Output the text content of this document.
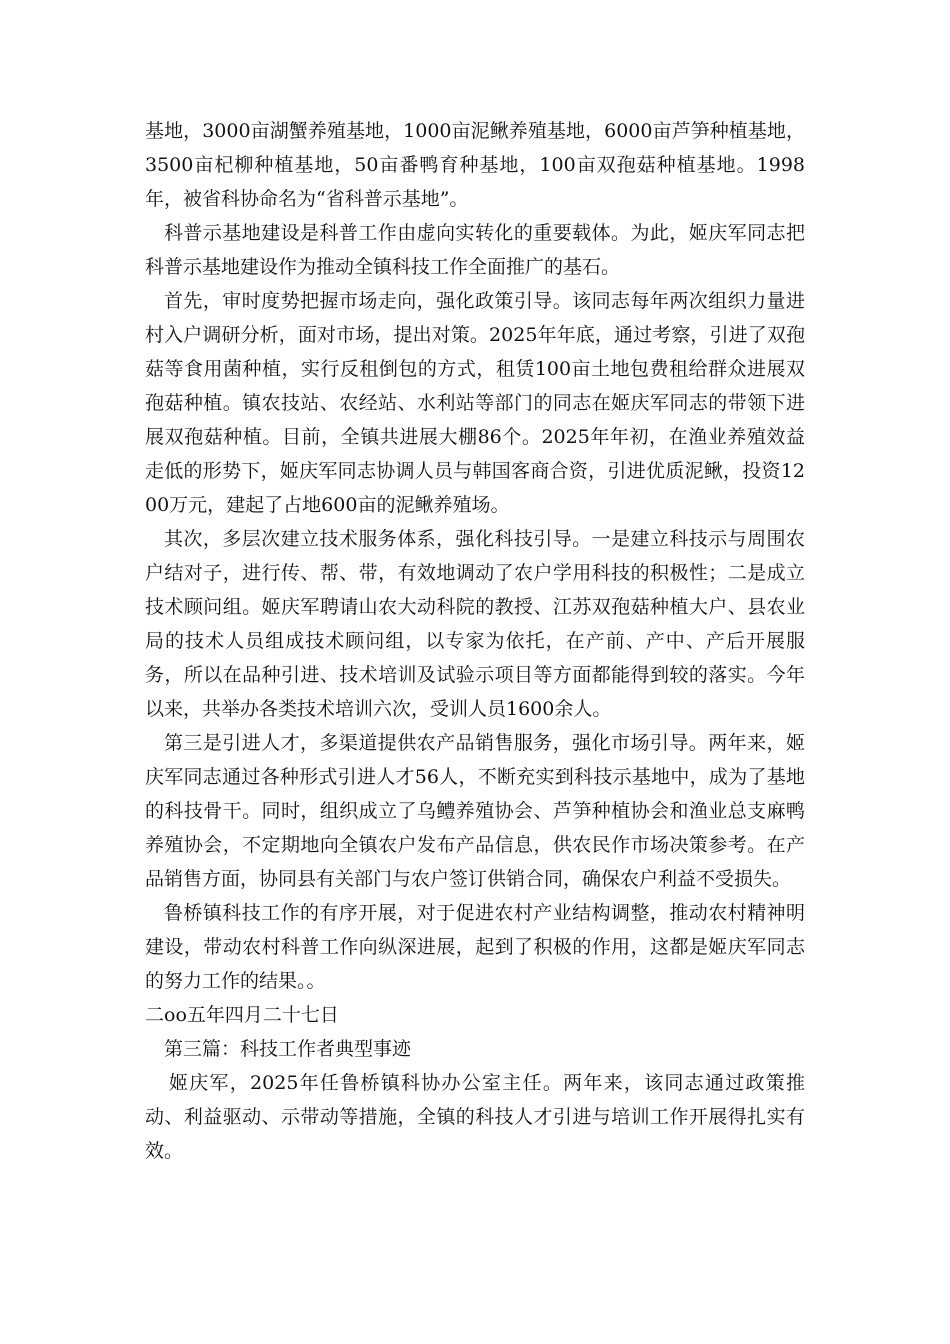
基地，3000亩湖蟹养殖基地，1000亩泥鳅养殖基地，6000亩芦笋种植基地，3500亩杞柳种植基地，50亩番鸭育种基地，100亩双孢菇种植基地。1998年，被省科协命名为“省科普示基地”。

科普示基地建设是科普工作由虚向实转化的重要载体。为此，姬庆军同志把科普示基地建设作为推动全镇科技工作全面推广的基石。

首先，审时度势把握市场走向，强化政策引导。该同志每年两次组织力量进村入户调研分析，面对市场，提出对策。2025年年底，通过考察，引进了双孢菇等食用菌种植，实行反租倒包的方式，租赁100亩土地包费租给群众进展双孢菇种植。镇农技站、农经站、水利站等部门的同志在姬庆军同志的带领下进展双孢菇种植。目前，全镇共进展大棚86个。2025年年初，在渔业养殖效益走低的形势下，姬庆军同志协调人员与韩国客商合资，引进优质泥鳅，投资1200万元，建起了占地600亩的泥鳅养殖场。

其次，多层次建立技术服务体系，强化科技引导。一是建立科技示与周围农户结对子，进行传、帮、带，有效地调动了农户学用科技的积极性；二是成立技术顾问组。姬庆军聘请山农大动科院的教授、江苏双孢菇种植大户、县农业局的技术人员组成技术顾问组，以专家为依托，在产前、产中、产后开展服务，所以在品种引进、技术培训及试验示项目等方面都能得到较的落实。今年以来，共举办各类技术培训六次，受训人员1600余人。

第三是引进人才，多渠道提供农产品销售服务，强化市场引导。两年来，姬庆军同志通过各种形式引进人才56人，不断充实到科技示基地中，成为了基地的科技骨干。同时，组织成立了乌鳢养殖协会、芦笋种植协会和渔业总支麻鸭养殖协会，不定期地向全镇农户发布产品信息，供农民作市场决策参考。在产品销售方面，协同县有关部门与农户签订供销合同，确保农户利益不受损失。

鲁桥镇科技工作的有序开展，对于促进农村产业结构调整，推动农村精神明建设，带动农村科普工作向纵深进展，起到了积极的作用，这都是姬庆军同志的努力工作的结果。。

二oo五年四月二十七日

第三篇：科技工作者典型事迹

姬庆军，2025年任鲁桥镇科协办公室主任。两年来，该同志通过政策推动、利益驱动、示带动等措施，全镇的科技人才引进与培训工作开展得扎实有效。
